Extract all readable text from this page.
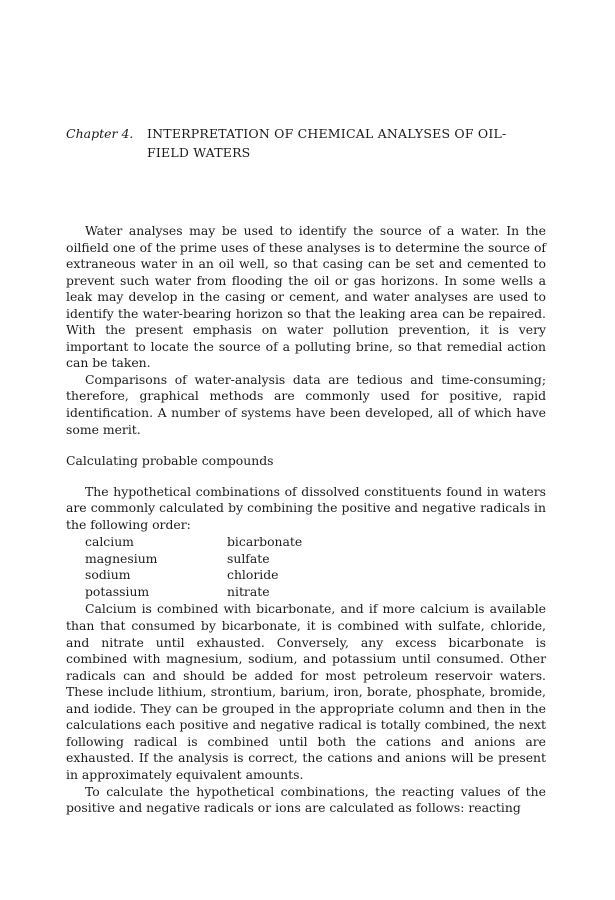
Chapter 4. INTERPRETATION OF CHEMICAL ANALYSES OF OIL-FIELD WATERS

Water analyses may be used to identify the source of a water. In the oilfield one of the prime uses of these analyses is to determine the source of extraneous water in an oil well, so that casing can be set and cemented to prevent such water from flooding the oil or gas horizons. In some wells a leak may develop in the casing or cement, and water analyses are used to identify the water-bearing horizon so that the leaking area can be repaired. With the present emphasis on water pollution prevention, it is very important to locate the source of a polluting brine, so that remedial action can be taken.

Comparisons of water-analysis data are tedious and time-consuming; therefore, graphical methods are commonly used for positive, rapid identification. A number of systems have been developed, all of which have some merit.

Calculating probable compounds

The hypothetical combinations of dissolved constituents found in waters are commonly calculated by combining the positive and negative radicals in the following order:

calcium	bicarbonate
magnesium	sulfate
sodium	chloride
potassium	nitrate

Calcium is combined with bicarbonate, and if more calcium is available than that consumed by bicarbonate, it is combined with sulfate, chloride, and nitrate until exhausted. Conversely, any excess bicarbonate is combined with magnesium, sodium, and potassium until consumed. Other radicals can and should be added for most petroleum reservoir waters. These include lithium, strontium, barium, iron, borate, phosphate, bromide, and iodide. They can be grouped in the appropriate column and then in the calculations each positive and negative radical is totally combined, the next following radical is combined until both the cations and anions are exhausted. If the analysis is correct, the cations and anions will be present in approximately equivalent amounts.

To calculate the hypothetical combinations, the reacting values of the positive and negative radicals or ions are calculated as follows: reacting
